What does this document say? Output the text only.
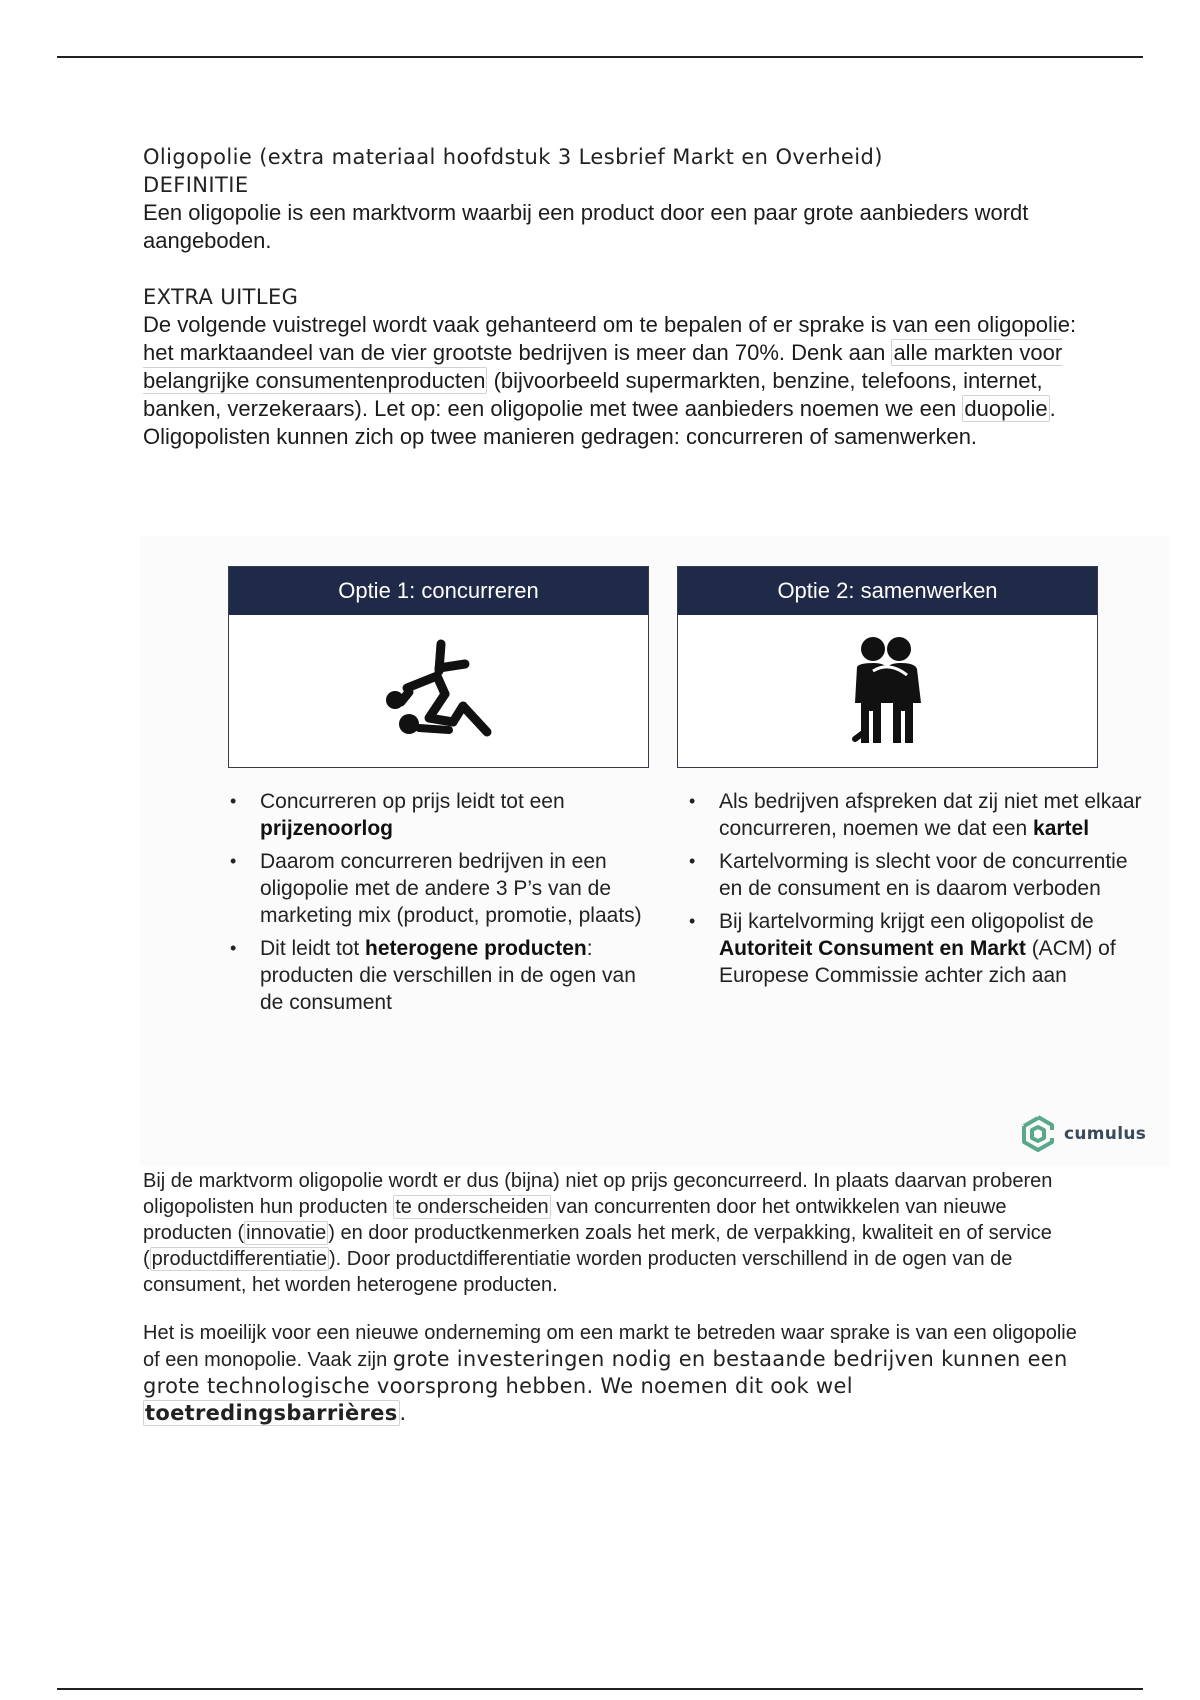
Oligopolie (extra materiaal hoofdstuk 3 Lesbrief Markt en Overheid)

DEFINITIE

Een oligopolie is een marktvorm waarbij een product door een paar grote aanbieders wordt aangeboden.

EXTRA UITLEG

De volgende vuistregel wordt vaak gehanteerd om te bepalen of er sprake is van een oligopolie: het marktaandeel van de vier grootste bedrijven is meer dan 70%. Denk aan alle markten voor belangrijke consumentenproducten (bijvoorbeeld supermarkten, benzine, telefoons, internet, banken, verzekeraars). Let op: een oligopolie met twee aanbieders noemen we een duopolie.

Oligopolisten kunnen zich op twee manieren gedragen: concurreren of samenwerken.

Optie 1: concurreren	Optie 2: samenwerken
• Concurreren op prijs leidt tot een prijzenoorlog
• Daarom concurreren bedrijven in een oligopolie met de andere 3 P’s van de marketing mix (product, promotie, plaats)
• Dit leidt tot heterogene producten: producten die verschillen in de ogen van de consument
• Als bedrijven afspreken dat zij niet met elkaar concurreren, noemen we dat een kartel
• Kartelvorming is slecht voor de concurrentie en de consument en is daarom verboden
• Bij kartelvorming krijgt een oligopolist de Autoriteit Consument en Markt (ACM) of Europese Commissie achter zich aan
cumulus

Bij de marktvorm oligopolie wordt er dus (bijna) niet op prijs geconcurreerd. In plaats daarvan proberen oligopolisten hun producten te onderscheiden van concurrenten door het ontwikkelen van nieuwe producten ( innovatie ) en door productkenmerken zoals het merk, de verpakking, kwaliteit en of service ( productdifferentiatie ). Door productdifferentiatie worden producten verschillend in de ogen van de consument, het worden heterogene producten.

Het is moeilijk voor een nieuwe onderneming om een markt te betreden waar sprake is van een oligopolie of een monopolie. Vaak zijn grote investeringen nodig en bestaande bedrijven kunnen een grote technologische voorsprong hebben. We noemen dit ook wel toetredingsbarrières.
